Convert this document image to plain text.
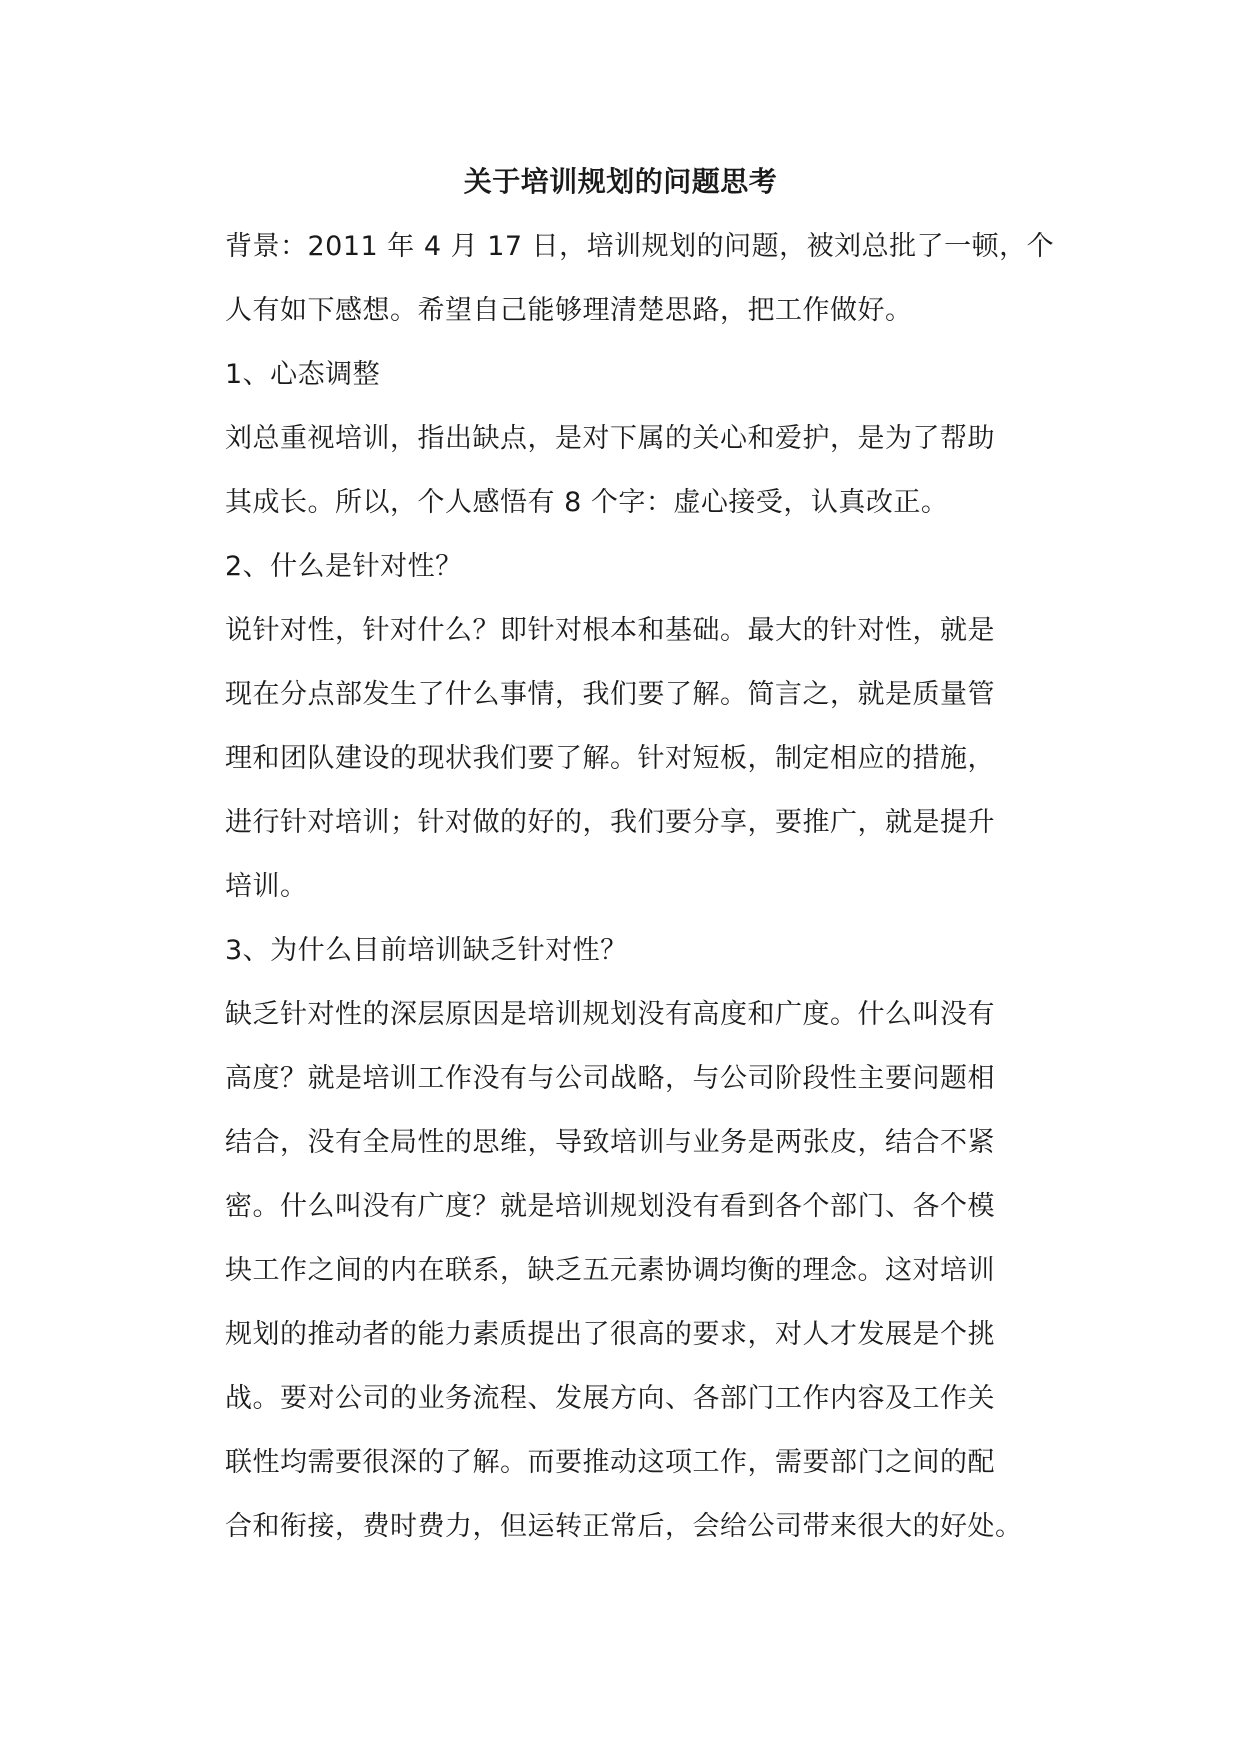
关于培训规划的问题思考
背景：2011 年 4 月 17 日，培训规划的问题，被刘总批了一顿，个
人有如下感想。希望自己能够理清楚思路，把工作做好。
1、心态调整
刘总重视培训，指出缺点，是对下属的关心和爱护，是为了帮助
其成长。所以，个人感悟有 8 个字：虚心接受，认真改正。
2、什么是针对性？
说针对性，针对什么？即针对根本和基础。最大的针对性，就是
现在分点部发生了什么事情，我们要了解。简言之，就是质量管
理和团队建设的现状我们要了解。针对短板，制定相应的措施，
进行针对培训；针对做的好的，我们要分享，要推广，就是提升
培训。
3、为什么目前培训缺乏针对性？
缺乏针对性的深层原因是培训规划没有高度和广度。什么叫没有
高度？就是培训工作没有与公司战略，与公司阶段性主要问题相
结合，没有全局性的思维，导致培训与业务是两张皮，结合不紧
密。什么叫没有广度？就是培训规划没有看到各个部门、各个模
块工作之间的内在联系，缺乏五元素协调均衡的理念。这对培训
规划的推动者的能力素质提出了很高的要求，对人才发展是个挑
战。要对公司的业务流程、发展方向、各部门工作内容及工作关
联性均需要很深的了解。而要推动这项工作，需要部门之间的配
合和衔接，费时费力，但运转正常后，会给公司带来很大的好处。
